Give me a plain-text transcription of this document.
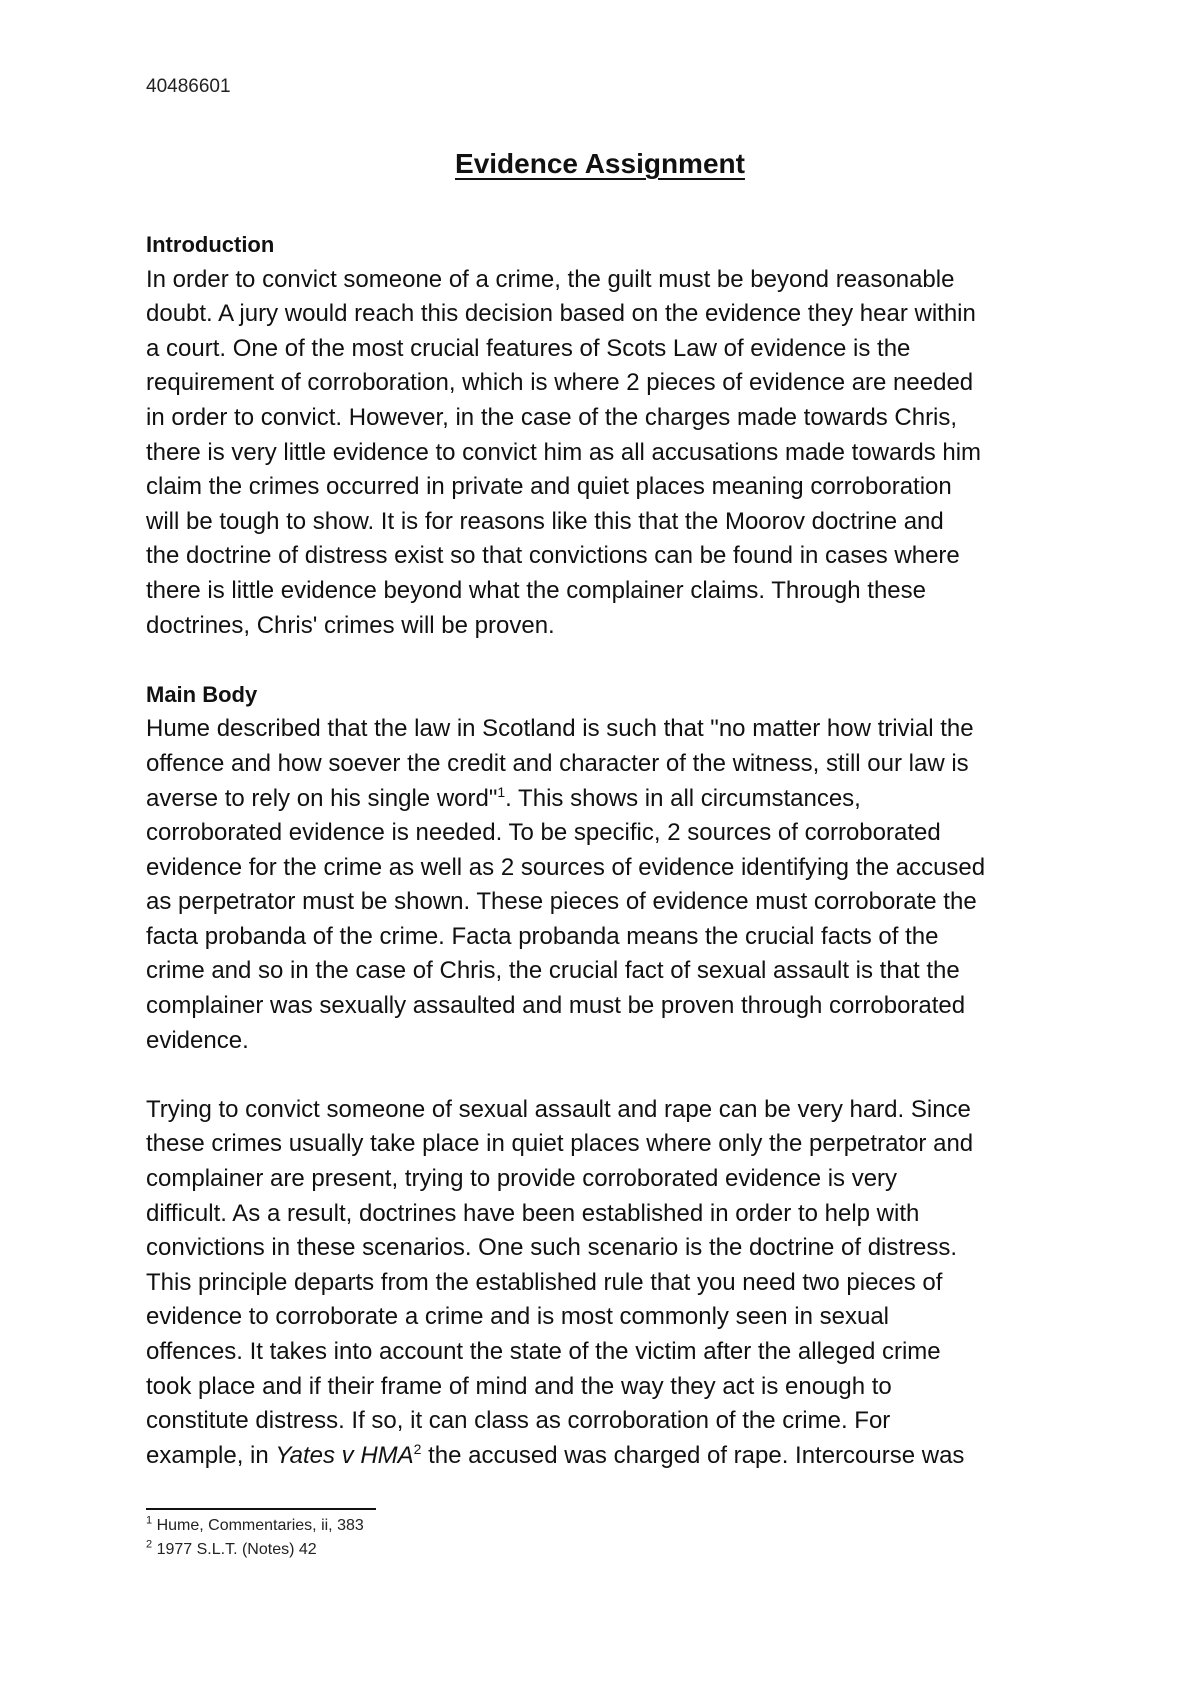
40486601
Evidence Assignment
Introduction
In order to convict someone of a crime, the guilt must be beyond reasonable
doubt. A jury would reach this decision based on the evidence they hear within
a court. One of the most crucial features of Scots Law of evidence is the
requirement of corroboration, which is where 2 pieces of evidence are needed
in order to convict. However, in the case of the charges made towards Chris,
there is very little evidence to convict him as all accusations made towards him
claim the crimes occurred in private and quiet places meaning corroboration
will be tough to show. It is for reasons like this that the Moorov doctrine and
the doctrine of distress exist so that convictions can be found in cases where
there is little evidence beyond what the complainer claims. Through these
doctrines, Chris' crimes will be proven.
Main Body
Hume described that the law in Scotland is such that "no matter how trivial the
offence and how soever the credit and character of the witness, still our law is
averse to rely on his single word"$^1$. This shows in all circumstances,
corroborated evidence is needed. To be specific, 2 sources of corroborated
evidence for the crime as well as 2 sources of evidence identifying the accused
as perpetrator must be shown. These pieces of evidence must corroborate the
facta probanda of the crime. Facta probanda means the crucial facts of the
crime and so in the case of Chris, the crucial fact of sexual assault is that the
complainer was sexually assaulted and must be proven through corroborated
evidence.
Trying to convict someone of sexual assault and rape can be very hard. Since
these crimes usually take place in quiet places where only the perpetrator and
complainer are present, trying to provide corroborated evidence is very
difficult. As a result, doctrines have been established in order to help with
convictions in these scenarios. One such scenario is the doctrine of distress.
This principle departs from the established rule that you need two pieces of
evidence to corroborate a crime and is most commonly seen in sexual
offences. It takes into account the state of the victim after the alleged crime
took place and if their frame of mind and the way they act is enough to
constitute distress. If so, it can class as corroboration of the crime. For
example, in Yates v HMA$^2$ the accused was charged of rape. Intercourse was
$^1$ Hume, Commentaries, ii, 383
$^2$ 1977 S.L.T. (Notes) 42
